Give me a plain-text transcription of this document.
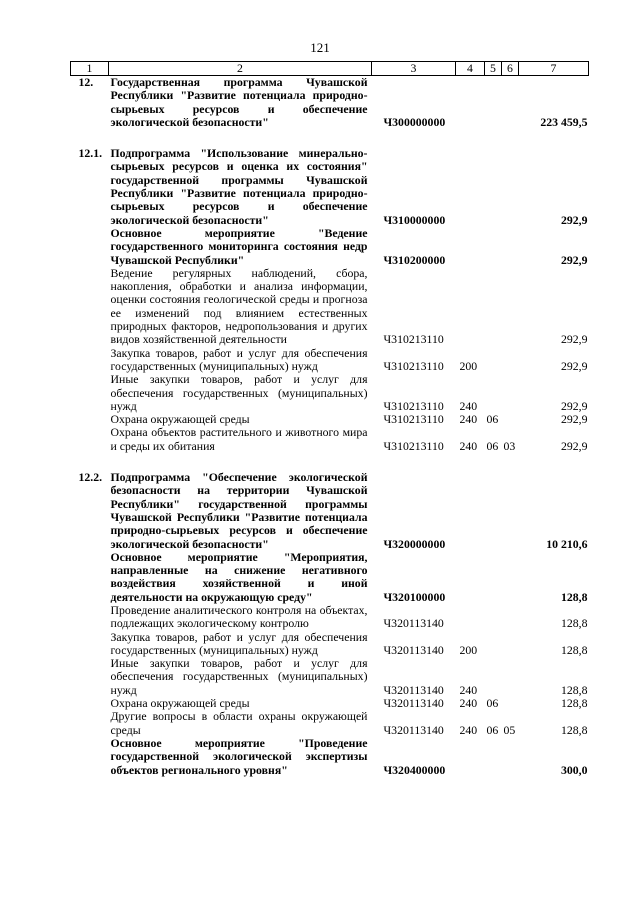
121
1	2	3	4	5	6	7
12.	Государственная программа Чувашской Республики "Развитие потенциала природно-сырьевых ресурсов и обеспечение экологической безопасности"	Ч300000000				223 459,5

12.1.	Подпрограмма "Использование минерально-сырьевых ресурсов и оценка их состояния" государственной программы Чувашской Республики "Развитие потенциала природно-сырьевых ресурсов и обеспечение экологической безопасности"	Ч310000000				292,9
	Основное мероприятие "Ведение государственного мониторинга состояния недр Чувашской Республики"	Ч310200000				292,9
	Ведение регулярных наблюдений, сбора, накопления, обработки и анализа информации, оценки состояния геологической среды и прогноза ее изменений под влиянием естественных природных факторов, недропользования и других видов хозяйственной деятельности	Ч310213110				292,9
	Закупка товаров, работ и услуг для обеспечения государственных (муниципальных) нужд	Ч310213110	200			292,9
	Иные закупки товаров, работ и услуг для обеспечения государственных (муниципальных) нужд	Ч310213110	240			292,9
	Охрана окружающей среды	Ч310213110	240	06		292,9
	Охрана объектов растительного и животного мира и среды их обитания	Ч310213110	240	06	03	292,9

12.2.	Подпрограмма "Обеспечение экологической безопасности на территории Чувашской Республики" государственной программы Чувашской Республики "Развитие потенциала природно-сырьевых ресурсов и обеспечение экологической безопасности"	Ч320000000				10 210,6
	Основное мероприятие "Мероприятия, направленные на снижение негативного воздействия хозяйственной и иной деятельности на окружающую среду"	Ч320100000				128,8
	Проведение аналитического контроля на объектах, подлежащих экологическому контролю	Ч320113140				128,8
	Закупка товаров, работ и услуг для обеспечения государственных (муниципальных) нужд	Ч320113140	200			128,8
	Иные закупки товаров, работ и услуг для обеспечения государственных (муниципальных) нужд	Ч320113140	240			128,8
	Охрана окружающей среды	Ч320113140	240	06		128,8
	Другие вопросы в области охраны окружающей среды	Ч320113140	240	06	05	128,8
	Основное мероприятие "Проведение государственной экологической экспертизы объектов регионального уровня"	Ч320400000				300,0
